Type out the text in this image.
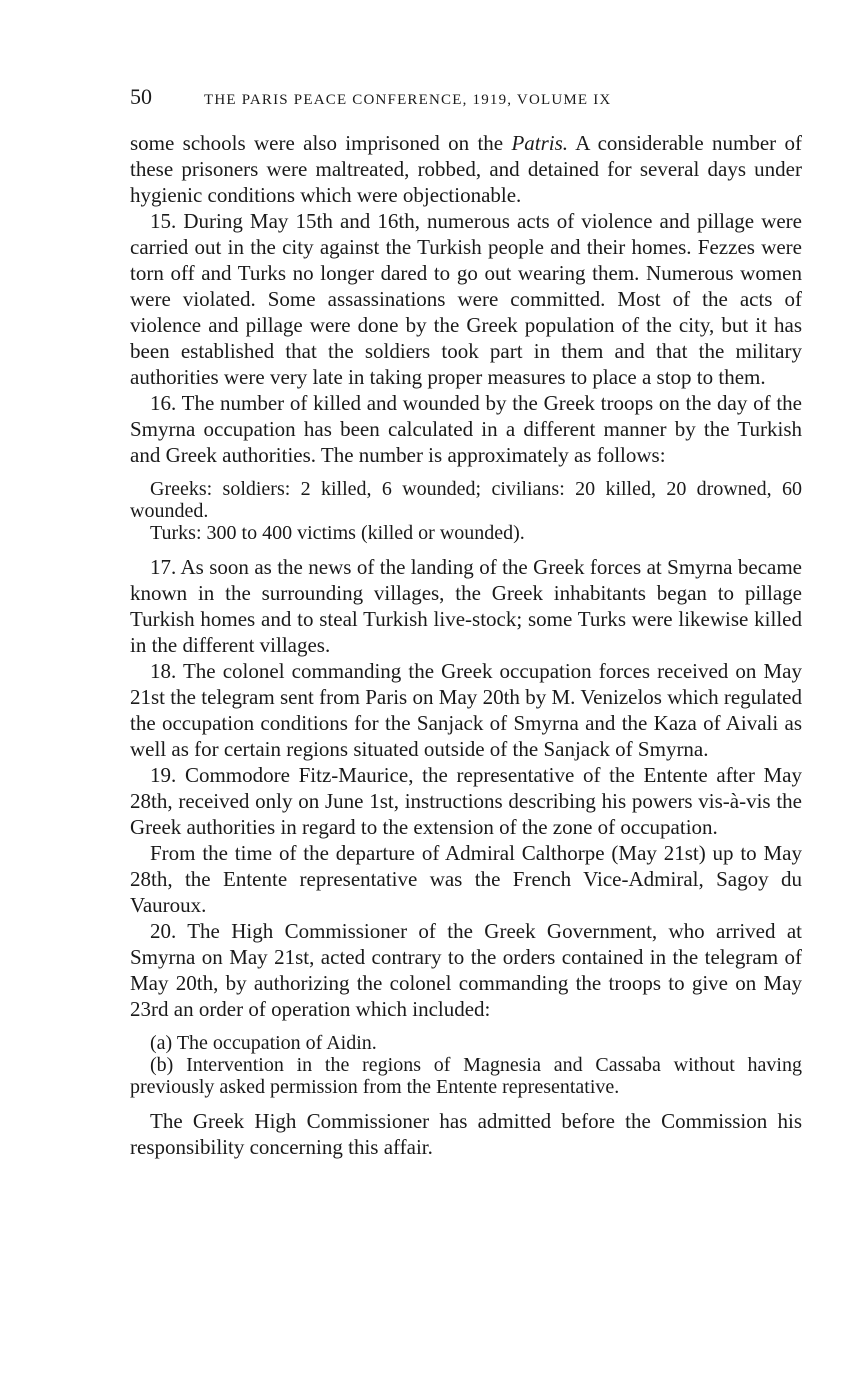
50	THE PARIS PEACE CONFERENCE, 1919, VOLUME IX

some schools were also imprisoned on the Patris. A considerable number of these prisoners were maltreated, robbed, and detained for several days under hygienic conditions which were objectionable.

15. During May 15th and 16th, numerous acts of violence and pillage were carried out in the city against the Turkish people and their homes. Fezzes were torn off and Turks no longer dared to go out wearing them. Numerous women were violated. Some assassinations were committed. Most of the acts of violence and pillage were done by the Greek population of the city, but it has been established that the soldiers took part in them and that the military authorities were very late in taking proper measures to place a stop to them.

16. The number of killed and wounded by the Greek troops on the day of the Smyrna occupation has been calculated in a different manner by the Turkish and Greek authorities. The number is approximately as follows:

Greeks: soldiers: 2 killed, 6 wounded; civilians: 20 killed, 20 drowned, 60 wounded.

Turks: 300 to 400 victims (killed or wounded).

17. As soon as the news of the landing of the Greek forces at Smyrna became known in the surrounding villages, the Greek inhabitants began to pillage Turkish homes and to steal Turkish live-stock; some Turks were likewise killed in the different villages.

18. The colonel commanding the Greek occupation forces received on May 21st the telegram sent from Paris on May 20th by M. Venizelos which regulated the occupation conditions for the Sanjack of Smyrna and the Kaza of Aivali as well as for certain regions situated outside of the Sanjack of Smyrna.

19. Commodore Fitz-Maurice, the representative of the Entente after May 28th, received only on June 1st, instructions describing his powers vis-à-vis the Greek authorities in regard to the extension of the zone of occupation.

From the time of the departure of Admiral Calthorpe (May 21st) up to May 28th, the Entente representative was the French Vice-Admiral, Sagoy du Vauroux.

20. The High Commissioner of the Greek Government, who arrived at Smyrna on May 21st, acted contrary to the orders contained in the telegram of May 20th, by authorizing the colonel commanding the troops to give on May 23rd an order of operation which included:

(a) The occupation of Aidin.

(b) Intervention in the regions of Magnesia and Cassaba without having previously asked permission from the Entente representative.

The Greek High Commissioner has admitted before the Commission his responsibility concerning this affair.
